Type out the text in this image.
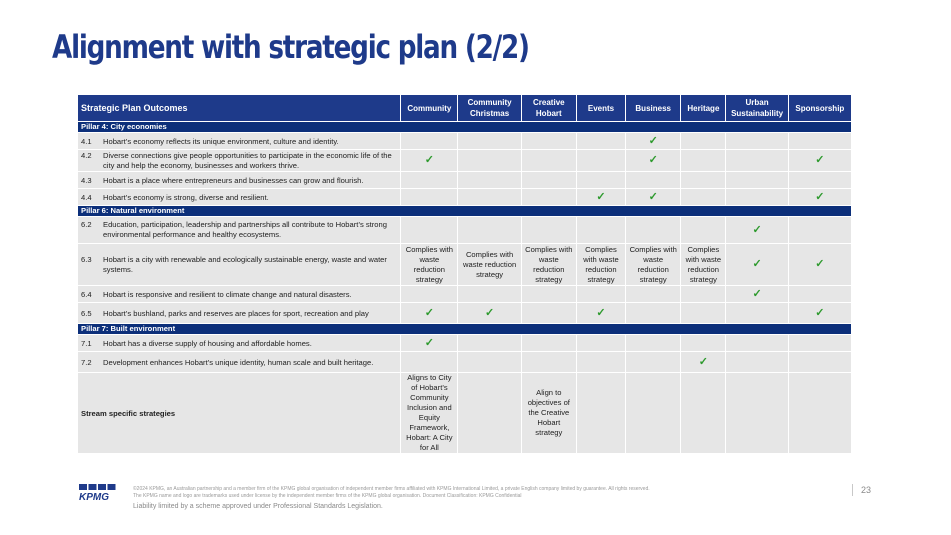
Alignment with strategic plan (2/2)
Strategic Plan Outcomes	Community	Community Christmas	Creative Hobart	Events	Business	Heritage	Urban Sustainability	Sponsorship
Pillar 4: City economies								
4.1 Hobart’s economy reflects its unique environment, culture and identity.					✓			

4.2 Diverse connections give people opportunities to participate in the economic life of the city and help the economy, businesses and workers thrive.	✓				✓			✓
4.3 Hobart is a place where entrepreneurs and businesses can grow and flourish.								
4.4 Hobart’s economy is strong, diverse and resilient.				✓	✓			✓
Pillar 6: Natural environment								

6.2 Education, participation, leadership and partnerships all contribute to Hobart’s strong environmental performance and healthy ecosystems.							✓	

6.3 Hobart is a city with renewable and ecologically sustainable energy, waste and water systems.	Complies with waste reduction strategy	Complies with waste reduction strategy	Complies with waste reduction strategy	Complies with waste reduction strategy	Complies with waste reduction strategy	Complies with waste reduction strategy	✓	✓
6.4 Hobart is responsive and resilient to climate change and natural disasters.							✓	
6.5 Hobart’s bushland, parks and reserves are places for sport, recreation and play	✓	✓		✓				✓
Pillar 7: Built environment								
7.1 Hobart has a diverse supply of housing and affordable homes.	✓							
7.2 Development enhances Hobart’s unique identity, human scale and built heritage.						✓		
Stream specific strategies	Aligns to City of Hobart’s Community Inclusion and Equity Framework, Hobart: A City for All		Align to objectives of the Creative Hobart strategy					
KPMG
©2024 KPMG, an Australian partnership and a member firm of the KPMG global organisation of independent member firms affiliated with KPMG International Limited, a private English company limited by guarantee. All rights reserved.
The KPMG name and logo are trademarks used under license by the independent member firms of the KPMG global organisation. Document Classification: KPMG Confidential
Liability limited by a scheme approved under Professional Standards Legislation.
23
